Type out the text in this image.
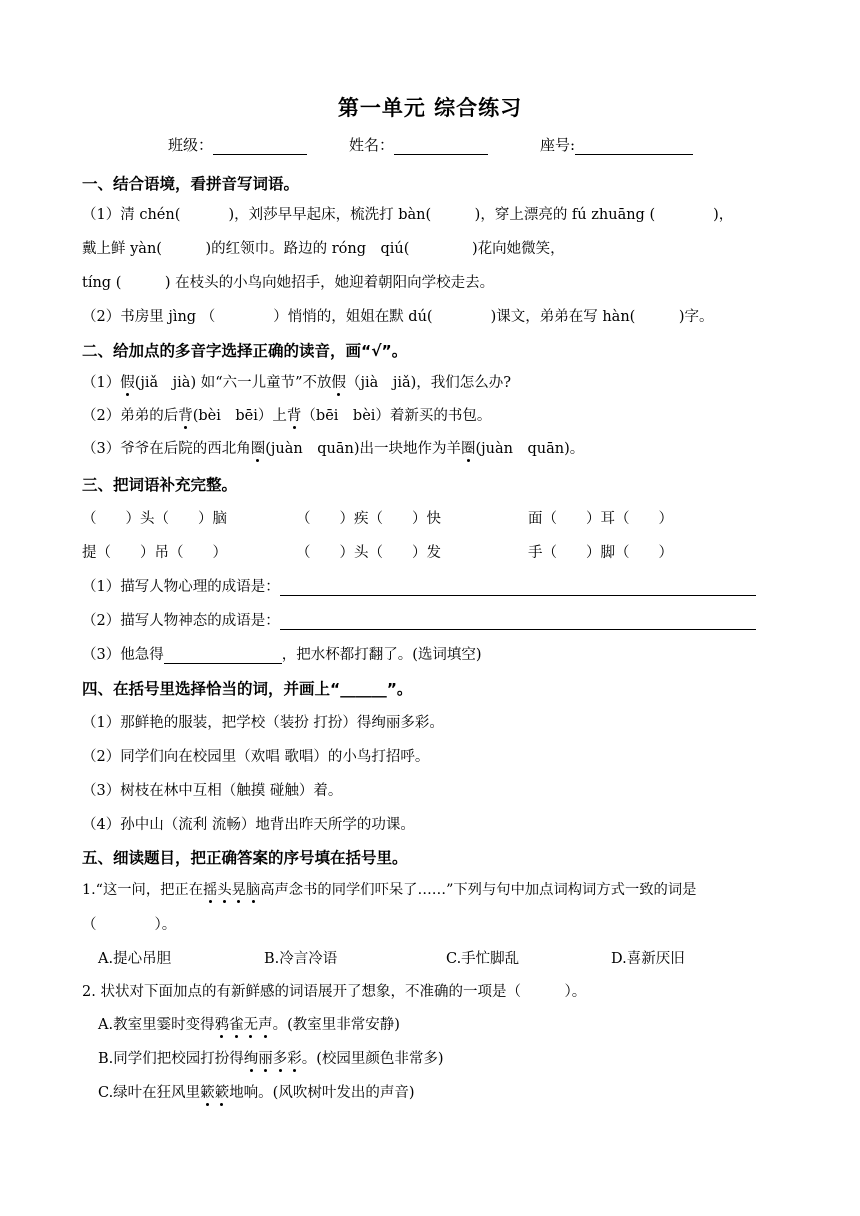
第一单元 综合练习
班级：	姓名：	座号:
一、结合语境，看拼音写词语。
（1）清 chén(　　　 )，刘莎早早起床，梳洗打 bàn(　　　)，穿上漂亮的 fú zhuāng (　　　　)，
戴上鲜 yàn(　　　)的红领巾。路边的 róng　qiú(　　　　 )花向她微笑，
tíng (　　　) 在枝头的小鸟向她招手，她迎着朝阳向学校走去。
（2）书房里 jìng （　　　　）悄悄的，姐姐在默 dú(　　　　)课文，弟弟在写 hàn(　　　)字。
二、给加点的多音字选择正确的读音，画“√”。
（1）假(jiǎ　jià) 如“六一儿童节”不放假（jià　jiǎ)，我们怎么办?
（2）弟弟的后背(bèi　bēi）上背（bēi　bèi）着新买的书包。
（3）爷爷在后院的西北角圈(juàn　quān)出一块地作为羊圈(juàn　quān)。
三、把词语补充完整。
（　　）头（　　）脑	（　　）疾（　　）快	面（　　）耳（　　）
提（　　）吊（　　）	（　　）头（　　）发	手（　　）脚（　　）
（1）描写人物心理的成语是：
（2）描写人物神态的成语是：
（3）他急得	，把水杯都打翻了。(选词填空)
四、在括号里选择恰当的词，并画上“______”。
（1）那鲜艳的服装，把学校（装扮 打扮）得绚丽多彩。
（2）同学们向在校园里（欢唱 歌唱）的小鸟打招呼。
（3）树枝在林中互相（触摸 碰触）着。
（4）孙中山（流利 流畅）地背出昨天所学的功课。
五、细读题目，把正确答案的序号填在括号里。
1.“这一问，把正在摇头晃脑高声念书的同学们吓呆了……”下列与句中加点词构词方式一致的词是
（　　　　）。
A.提心吊胆	B.冷言冷语	C.手忙脚乱	D.喜新厌旧
2. 状状对下面加点的有新鲜感的词语展开了想象，不准确的一项是（　　　）。
A.教室里霎时变得鸦雀无声。(教室里非常安静)
B.同学们把校园打扮得绚丽多彩。(校园里颜色非常多)
C.绿叶在狂风里簌簌地响。(风吹树叶发出的声音)
